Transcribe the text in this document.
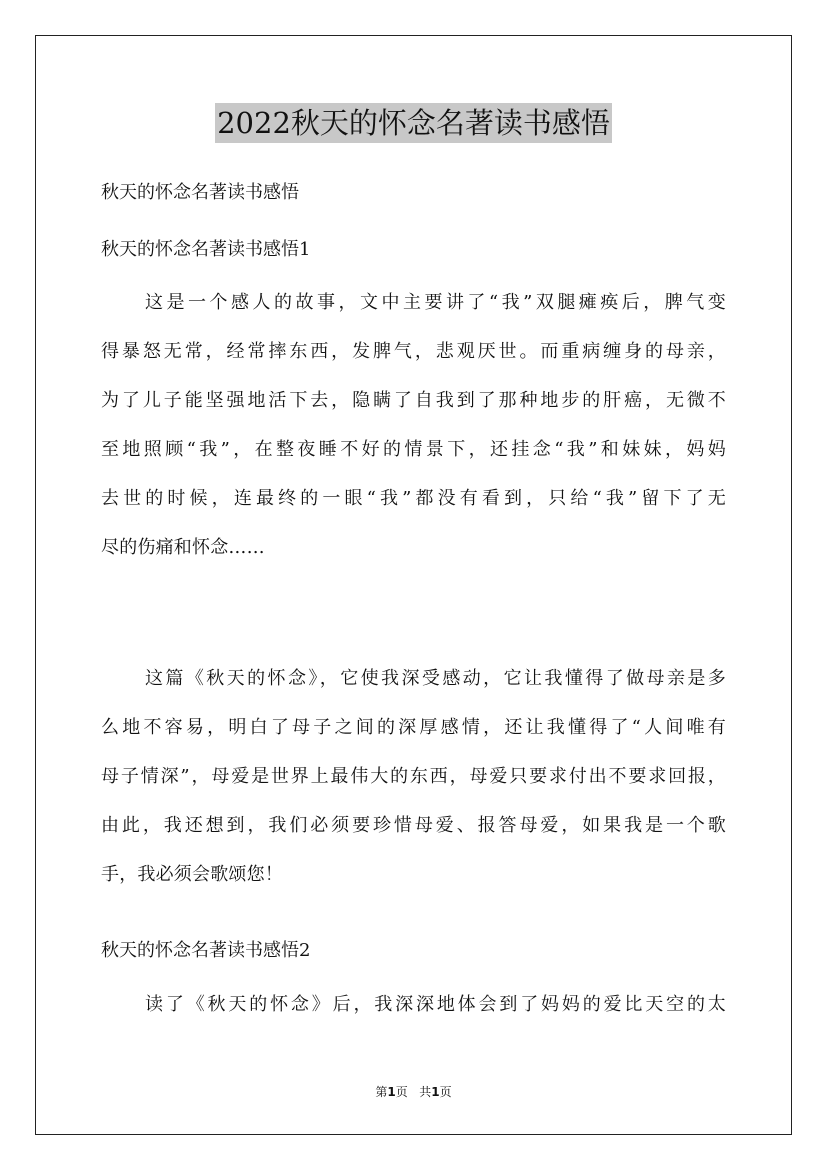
2022秋天的怀念名著读书感悟
秋天的怀念名著读书感悟
秋天的怀念名著读书感悟1
这是一个感人的故事，文中主要讲了“我”双腿瘫痪后，脾气变
得暴怒无常，经常摔东西，发脾气，悲观厌世。而重病缠身的母亲，
为了儿子能坚强地活下去，隐瞒了自我到了那种地步的肝癌，无微不
至地照顾“我”，在整夜睡不好的情景下，还挂念“我”和妹妹，妈妈
去世的时候，连最终的一眼“我”都没有看到，只给“我”留下了无
尽的伤痛和怀念……
这篇《秋天的怀念》，它使我深受感动，它让我懂得了做母亲是多
么地不容易，明白了母子之间的深厚感情，还让我懂得了“人间唯有
母子情深”，母爱是世界上最伟大的东西，母爱只要求付出不要求回报，
由此，我还想到，我们必须要珍惜母爱、报答母爱，如果我是一个歌
手，我必须会歌颂您！
秋天的怀念名著读书感悟2
读了《秋天的怀念》后，我深深地体会到了妈妈的爱比天空的太
第1页 共1页
